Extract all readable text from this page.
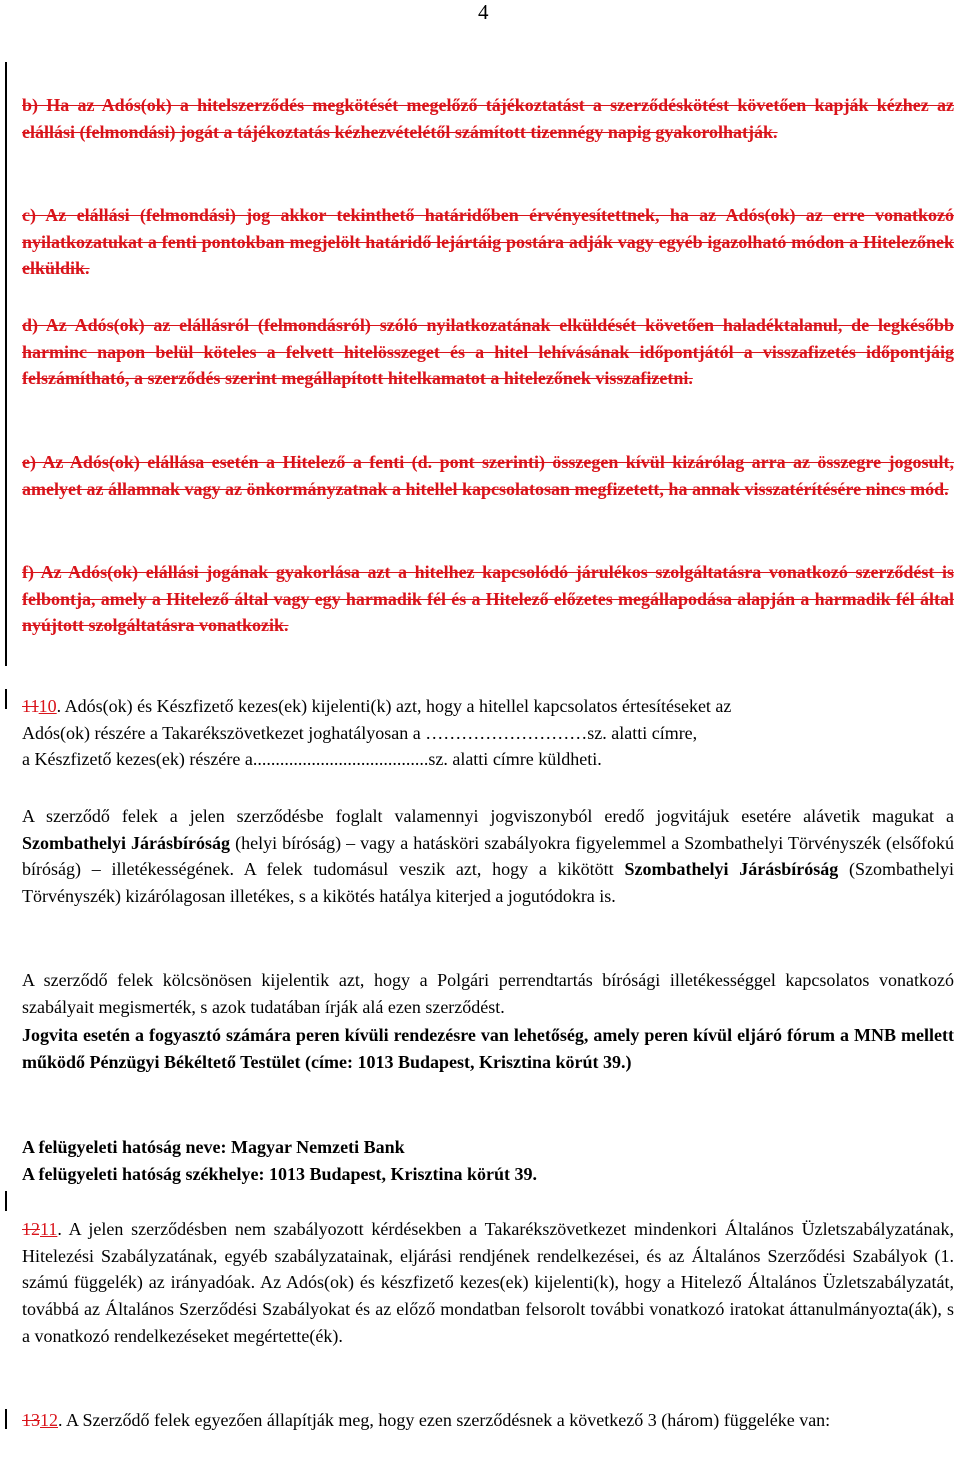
4
b) Ha az Adós(ok) a hitelszerződés megkötését megelőző tájékoztatást a szerződéskötést követően kapják kézhez az elállási (felmondási) jogát a tájékoztatás kézhezvételétől számított tizennégy napig gyakorolhatják.
c) Az elállási (felmondási) jog akkor tekinthető határidőben érvényesítettnek, ha az Adós(ok) az erre vonatkozó nyilatkozatukat a fenti pontokban megjelölt határidő lejártáig postára adják vagy egyéb igazolható módon a Hitelezőnek elküldik.
d) Az Adós(ok) az elállásról (felmondásról) szóló nyilatkozatának elküldését követően haladéktalanul, de legkésőbb harminc napon belül köteles a felvett hitelösszeget és a hitel lehívásának időpontjától a visszafizetés időpontjáig felszámítható, a szerződés szerint megállapított hitelkamatot a hitelezőnek visszafizetni.
e) Az Adós(ok) elállása esetén a Hitelező a fenti (d. pont szerinti) összegen kívül kizárólag arra az összegre jogosult, amelyet az államnak vagy az önkormányzatnak a hitellel kapcsolatosan megfizetett, ha annak visszatérítésére nincs mód.
f) Az Adós(ok) elállási jogának gyakorlása azt a hitelhez kapcsolódó járulékos szolgáltatásra vonatkozó szerződést is felbontja, amely a Hitelező által vagy egy harmadik fél és a Hitelező előzetes megállapodása alapján a harmadik fél által nyújtott szolgáltatásra vonatkozik.
1110. Adós(ok) és Készfizető kezes(ek) kijelenti(k) azt, hogy a hitellel kapcsolatos értesítéseket az
Adós(ok) részére a Takarékszövetkezet joghatályosan a ………………………sz. alatti címre,
a Készfizető kezes(ek) részére a.......................................sz. alatti címre küldheti.
A szerződő felek a jelen szerződésbe foglalt valamennyi jogviszonyból eredő jogvitájuk esetére alávetik magukat a Szombathelyi Járásbíróság (helyi bíróság) – vagy a hatásköri szabályokra figyelemmel a Szombathelyi Törvényszék (elsőfokú bíróság) – illetékességének. A felek tudomásul veszik azt, hogy a kikötött Szombathelyi Járásbíróság (Szombathelyi Törvényszék) kizárólagosan illetékes, s a kikötés hatálya kiterjed a jogutódokra is.
A szerződő felek kölcsönösen kijelentik azt, hogy a Polgári perrendtartás bírósági illetékességgel kapcsolatos vonatkozó szabályait megismerték, s azok tudatában írják alá ezen szerződést.
Jogvita esetén a fogyasztó számára peren kívüli rendezésre van lehetőség, amely peren kívül eljáró fórum a MNB mellett működő Pénzügyi Békéltető Testület (címe: 1013 Budapest, Krisztina körút 39.)
A felügyeleti hatóság neve: Magyar Nemzeti Bank
A felügyeleti hatóság székhelye: 1013 Budapest, Krisztina körút 39.
1211. A jelen szerződésben nem szabályozott kérdésekben a Takarékszövetkezet mindenkori Általános Üzletszabályzatának, Hitelezési Szabályzatának, egyéb szabályzatainak, eljárási rendjének rendelkezései, és az Általános Szerződési Szabályok (1. számú függelék) az irányadóak. Az Adós(ok) és készfizető kezes(ek) kijelenti(k), hogy a Hitelező Általános Üzletszabályzatát, továbbá az Általános Szerződési Szabályokat és az előző mondatban felsorolt további vonatkozó iratokat áttanulmányozta(ák), s a vonatkozó rendelkezéseket megértette(ék).
1312. A Szerződő felek egyezően állapítják meg, hogy ezen szerződésnek a következő 3 (három) függeléke van:
